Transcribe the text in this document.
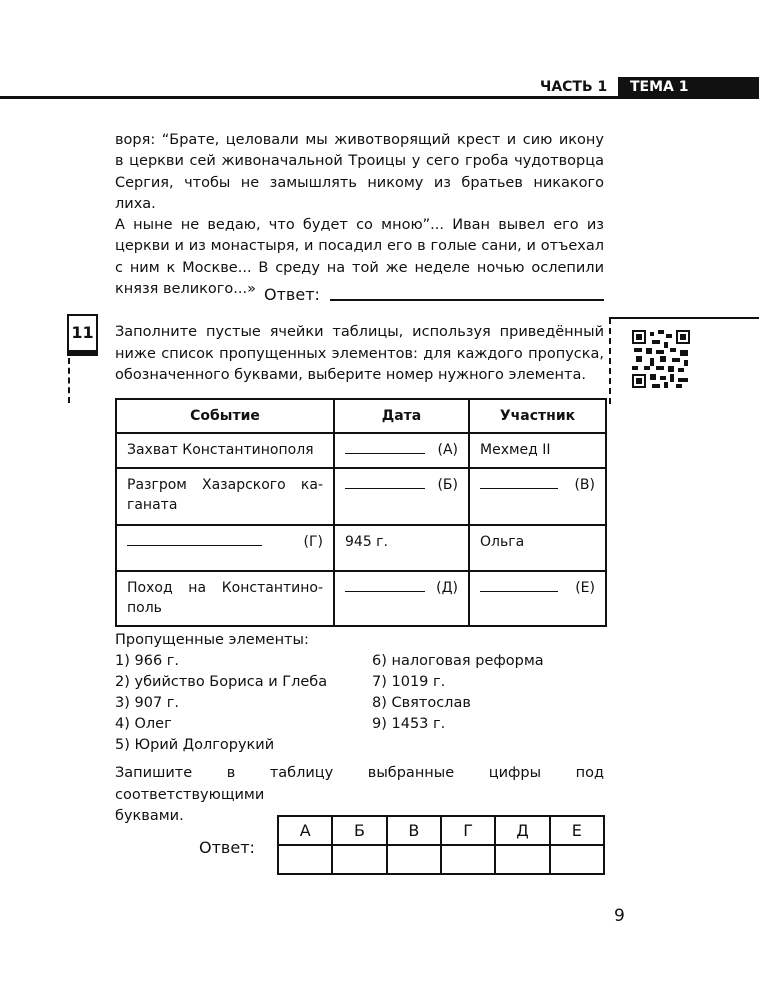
ЧАСТЬ 1	ТЕМА 1
воря: “Брате, целовали мы животворящий крест и сию икону
в церкви сей живоначальной Троицы у сего гроба чудотворца
Сергия, чтобы не замышлять никому из братьев никакого лиха.
А ныне не ведаю, что будет со мною”... Иван вывел его из
церкви и из монастыря, и посадил его в голые сани, и отъехал
с ним к Москве... В среду на той же неделе ночью ослепили
князя великого...» Ответ:
11	Заполните пустые ячейки таблицы, используя приведённый
ниже список пропущенных элементов: для каждого пропуска,
обозначенного буквами, выберите номер нужного элемента.
Событие	Дата	Участник
Захват Константинополя	(А)	Мехмед II
Разгром Хазарского ка-ганата	(Б)	(В)

(Г)	945 г.	Ольга
Поход на Константино-поль	(Д)	(Е)
Пропущенные элементы:
1) 966 г.
2) убийство Бориса и Глеба
3) 907 г.
4) Олег
5) Юрий Долгорукий
6) налоговая реформа
7) 1019 г.
8) Святослав
9) 1453 г.
Запишите в таблицу выбранные цифры под соответствующими
буквами.
Ответ:
А	Б	В	Г	Д	Е

9
